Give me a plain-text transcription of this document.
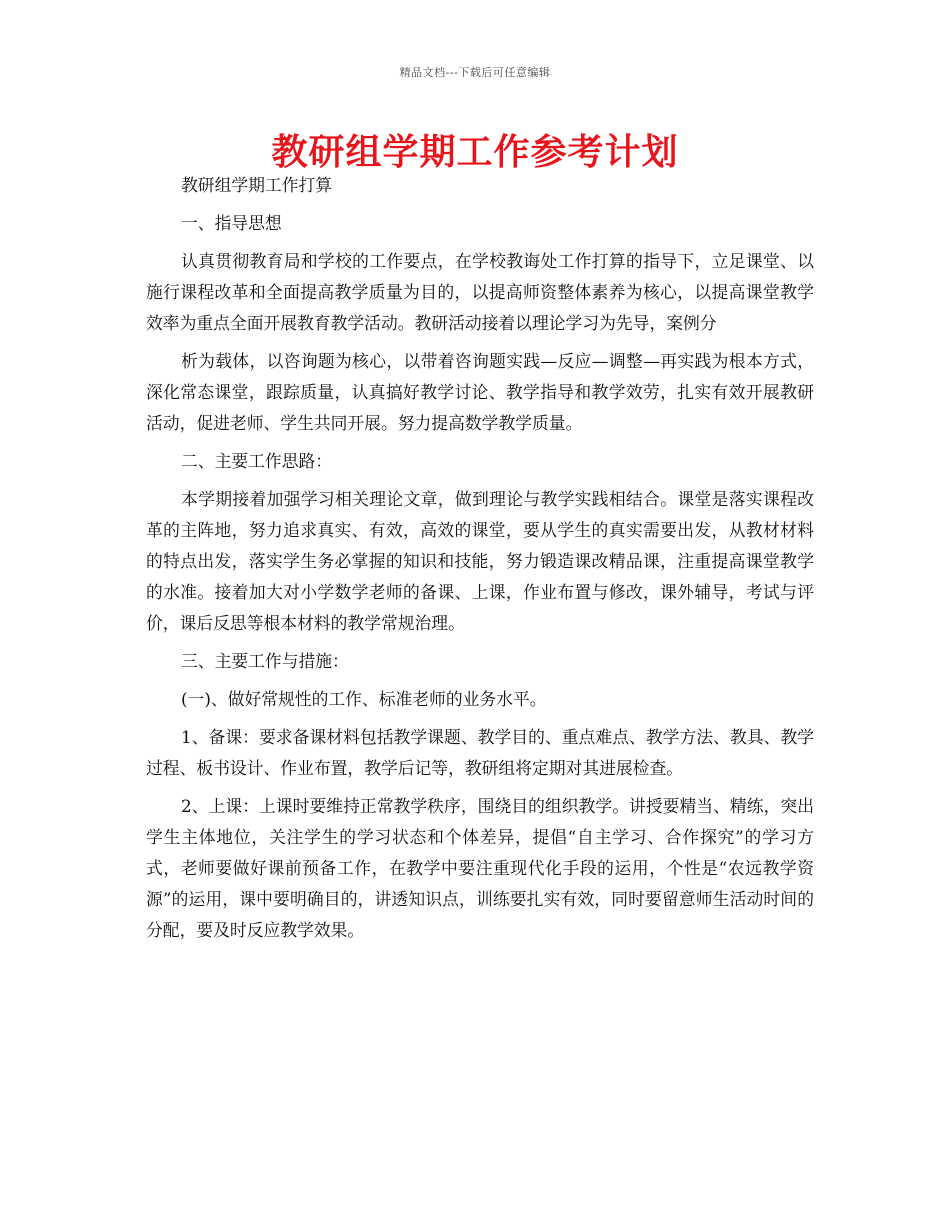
精品文档---下载后可任意编辑
教研组学期工作参考计划

教研组学期工作打算

一、指导思想

认真贯彻教育局和学校的工作要点，在学校教诲处工作打算的指导下，立足课堂、以施行课程改革和全面提高教学质量为目的，以提高师资整体素养为核心，以提高课堂教学效率为重点全面开展教育教学活动。教研活动接着以理论学习为先导，案例分

析为载体，以咨询题为核心，以带着咨询题实践—反应—调整—再实践为根本方式，深化常态课堂，跟踪质量，认真搞好教学讨论、教学指导和教学效劳，扎实有效开展教研活动，促进老师、学生共同开展。努力提高数学教学质量。

二、主要工作思路：

本学期接着加强学习相关理论文章，做到理论与教学实践相结合。课堂是落实课程改革的主阵地，努力追求真实、有效，高效的课堂，要从学生的真实需要出发，从教材材料的特点出发，落实学生务必掌握的知识和技能，努力锻造课改精品课，注重提高课堂教学的水准。接着加大对小学数学老师的备课、上课，作业布置与修改，课外辅导，考试与评价，课后反思等根本材料的教学常规治理。

三、主要工作与措施：

(一)、做好常规性的工作、标准老师的业务水平。

1、备课：要求备课材料包括教学课题、教学目的、重点难点、教学方法、教具、教学过程、板书设计、作业布置，教学后记等，教研组将定期对其进展检查。

2、上课：上课时要维持正常教学秩序，围绕目的组织教学。讲授要精当、精练，突出学生主体地位，关注学生的学习状态和个体差异，提倡“自主学习、合作探究”的学习方式，老师要做好课前预备工作，在教学中要注重现代化手段的运用，个性是“农远教学资源”的运用，课中要明确目的，讲透知识点，训练要扎实有效，同时要留意师生活动时间的分配，要及时反应教学效果。
